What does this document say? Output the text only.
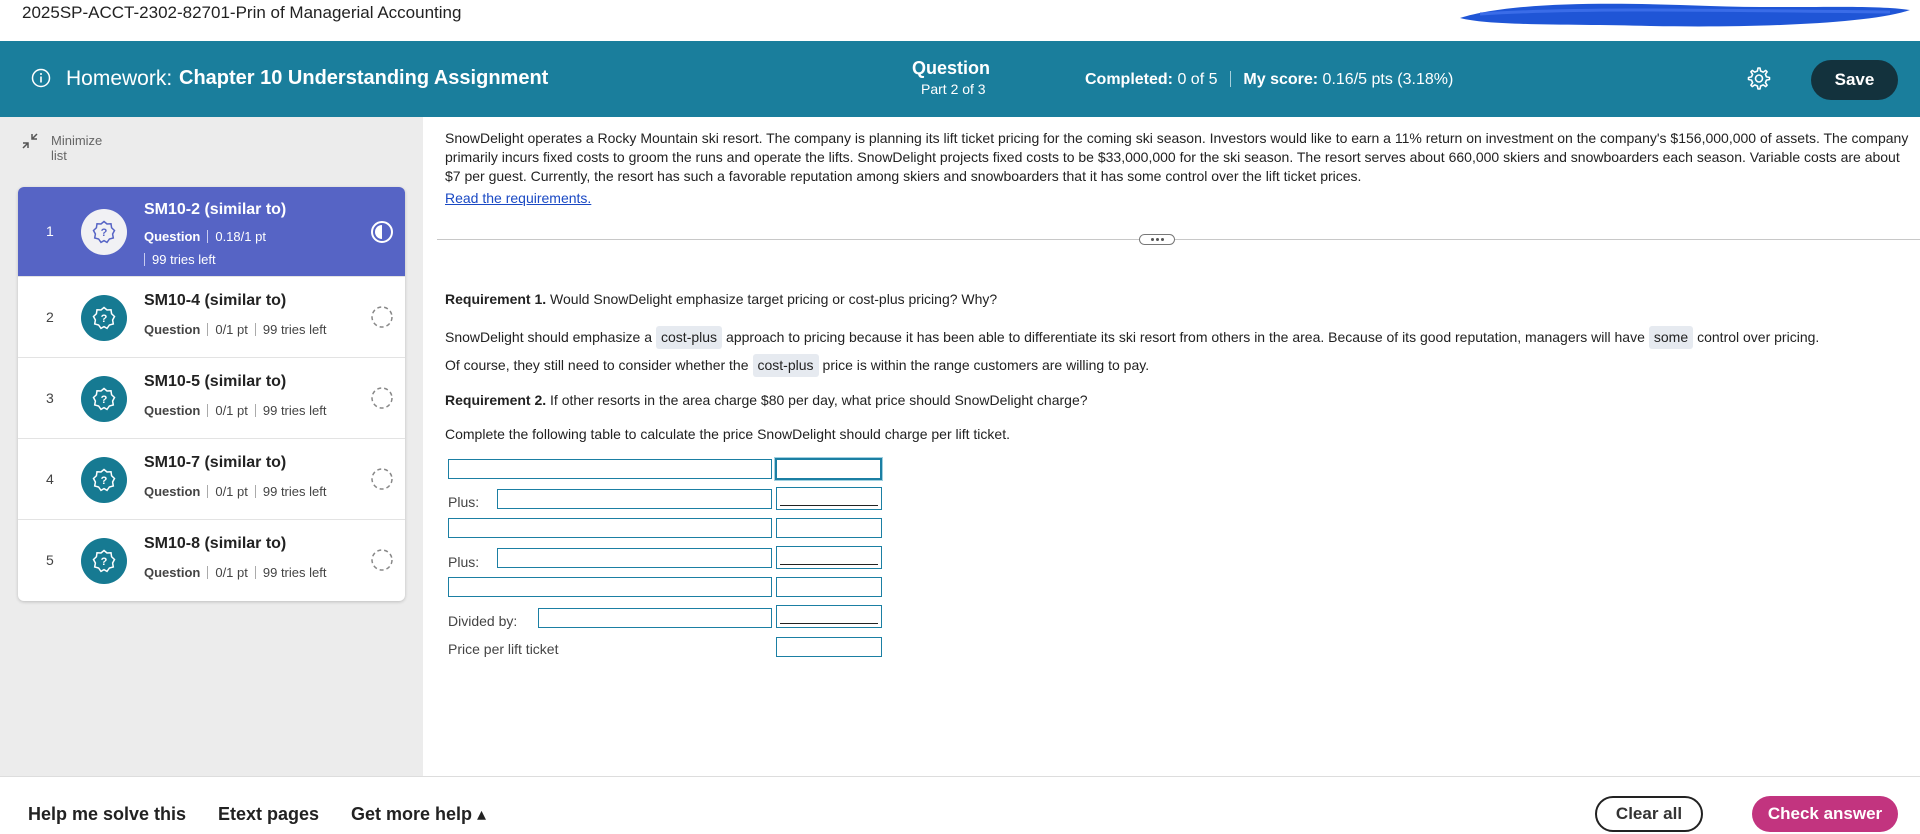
2025SP-ACCT-2302-82701-Prin of Managerial Accounting
Homework: Chapter 10 Understanding Assignment	Question
Part 2 of 3
Completed: 0 of 5 My score: 0.16/5 pts (3.18%)	Save
Minimize list
1	?
SM10-2 (similar to)
Question 0.18/1 pt
99 tries left
2	?
SM10-4 (similar to)
Question 0/1 pt 99 tries left
3	?
SM10-5 (similar to)
Question 0/1 pt 99 tries left
4	?
SM10-7 (similar to)
Question 0/1 pt 99 tries left
5	?
SM10-8 (similar to)
Question 0/1 pt 99 tries left

SnowDelight operates a Rocky Mountain ski resort. The company is planning its lift ticket pricing for the coming ski season. Investors would like to earn a 11% return on investment on the company's $156,000,000 of assets. The company primarily incurs fixed costs to groom the runs and operate the lifts. SnowDelight projects fixed costs to be $33,000,000 for the ski season. The resort serves about 660,000 skiers and snowboarders each season. Variable costs are about $7 per guest. Currently, the resort has such a favorable reputation among skiers and snowboarders that it has some control over the lift ticket prices.

Read the requirements.
Requirement 1. Would SnowDelight emphasize target pricing or cost-plus pricing? Why?
SnowDelight should emphasize a cost-plus approach to pricing because it has been able to differentiate its ski resort from others in the area. Because of its good reputation, managers will have some control over pricing.
Of course, they still need to consider whether the cost-plus price is within the range customers are willing to pay.
Requirement 2. If other resorts in the area charge $80 per day, what price should SnowDelight charge?
Complete the following table to calculate the price SnowDelight should charge per lift ticket.
Plus:
Plus:
Divided by:
Price per lift ticket
Help me solve this Etext pages Get more help ▴	Clear all	Check answer
